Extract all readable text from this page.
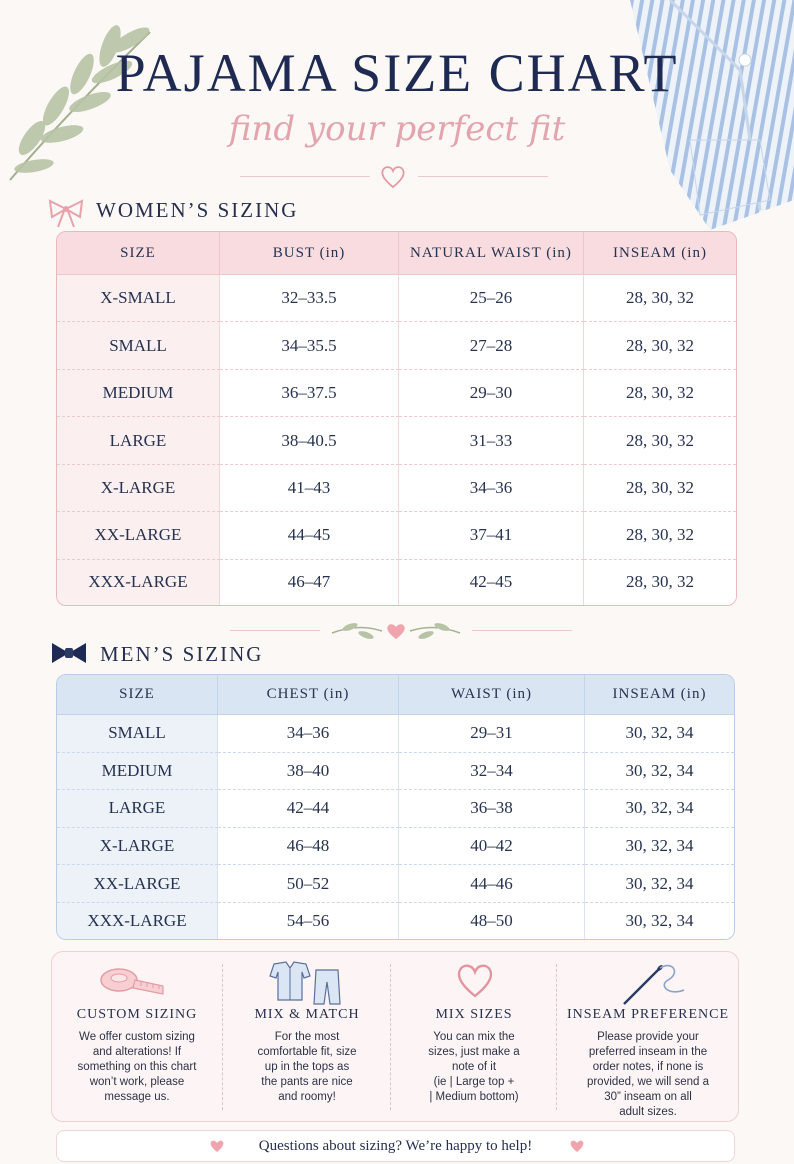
PAJAMA SIZE CHART
find your perfect fit
WOMEN’S SIZING
SIZE	BUST (in)	NATURAL WAIST (in)	INSEAM (in)
X-SMALL	32–33.5	25–26	28, 30, 32
SMALL	34–35.5	27–28	28, 30, 32
MEDIUM	36–37.5	29–30	28, 30, 32
LARGE	38–40.5	31–33	28, 30, 32
X-LARGE	41–43	34–36	28, 30, 32
XX-LARGE	44–45	37–41	28, 30, 32
XXX-LARGE	46–47	42–45	28, 30, 32
MEN’S SIZING
SIZE	CHEST (in)	WAIST (in)	INSEAM (in)
SMALL	34–36	29–31	30, 32, 34
MEDIUM	38–40	32–34	30, 32, 34
LARGE	42–44	36–38	30, 32, 34
X-LARGE	46–48	40–42	30, 32, 34
XX-LARGE	50–52	44–46	30, 32, 34
XXX-LARGE	54–56	48–50	30, 32, 34
CUSTOM SIZING
We offer custom sizing
and alterations! If
something on this chart
won’t work, please
message us.
MIX & MATCH
For the most
comfortable fit, size
up in the tops as
the pants are nice
and roomy!
MIX SIZES
You can mix the
sizes, just make a
note of it
(ie | Large top +
| Medium bottom)
INSEAM PREFERENCE
Please provide your
preferred inseam in the
order notes, if none is
provided, we will send a
30” inseam on all
adult sizes.
Questions about sizing? We’re happy to help!
